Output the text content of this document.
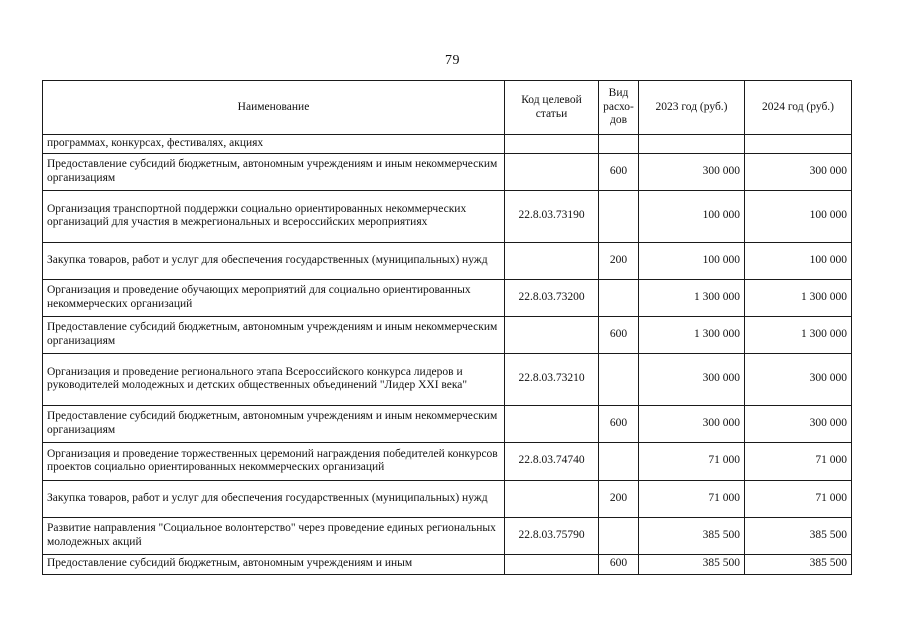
79
Наименование	Код целевой статьи	Вид расхо-дов	2023 год (руб.)	2024 год (руб.)
программах, конкурсах, фестивалях, акциях				
Предоставление субсидий бюджетным, автономным учреждениям и иным некоммерческим организациям		600	300 000	300 000
Организация транспортной поддержки социально ориентированных некоммерческих организаций для участия в межрегиональных и всероссийских мероприятиях	22.8.03.73190		100 000	100 000
Закупка товаров, работ и услуг для обеспечения государственных (муниципальных) нужд		200	100 000	100 000
Организация и проведение обучающих мероприятий для социально ориентированных некоммерческих организаций	22.8.03.73200		1 300 000	1 300 000
Предоставление субсидий бюджетным, автономным учреждениям и иным некоммерческим организациям		600	1 300 000	1 300 000
Организация и проведение регионального этапа Всероссийского конкурса лидеров и руководителей молодежных и детских общественных объединений "Лидер XXI века"	22.8.03.73210		300 000	300 000
Предоставление субсидий бюджетным, автономным учреждениям и иным некоммерческим организациям		600	300 000	300 000
Организация и проведение торжественных церемоний награждения победителей конкурсов проектов социально ориентированных некоммерческих организаций	22.8.03.74740		71 000	71 000
Закупка товаров, работ и услуг для обеспечения государственных (муниципальных) нужд		200	71 000	71 000
Развитие направления "Социальное волонтерство" через проведение единых региональных молодежных акций	22.8.03.75790		385 500	385 500
Предоставление субсидий бюджетным, автономным учреждениям и иным		600	385 500	385 500
